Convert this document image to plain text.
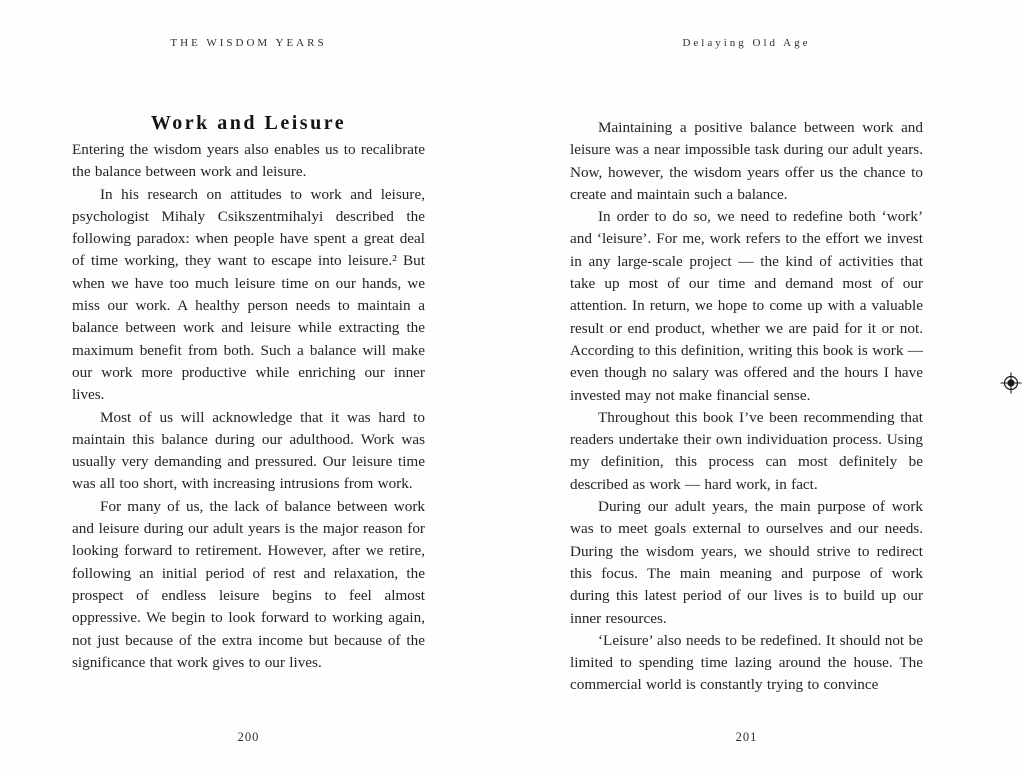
THE WISDOM YEARS
Work and Leisure

Entering the wisdom years also enables us to recalibrate the balance between work and leisure.

In his research on attitudes to work and leisure, psychologist Mihaly Csikszentmihalyi described the following paradox: when people have spent a great deal of time working, they want to escape into leisure.² But when we have too much leisure time on our hands, we miss our work. A healthy person needs to maintain a balance between work and leisure while extracting the maximum benefit from both. Such a balance will make our work more productive while enriching our inner lives.

Most of us will acknowledge that it was hard to maintain this balance during our adulthood. Work was usually very demanding and pressured. Our leisure time was all too short, with increasing intrusions from work.

For many of us, the lack of balance between work and leisure during our adult years is the major reason for looking forward to retirement. However, after we retire, following an initial period of rest and relaxation, the prospect of endless leisure begins to feel almost oppressive. We begin to look forward to working again, not just because of the extra income but because of the significance that work gives to our lives.

200
Delaying Old Age

Maintaining a positive balance between work and leisure was a near impossible task during our adult years. Now, however, the wisdom years offer us the chance to create and maintain such a balance.

In order to do so, we need to redefine both ‘work’ and ‘leisure’. For me, work refers to the effort we invest in any large-scale project — the kind of activities that take up most of our time and demand most of our attention. In return, we hope to come up with a valuable result or end product, whether we are paid for it or not. According to this definition, writing this book is work — even though no salary was offered and the hours I have invested may not make financial sense.

Throughout this book I’ve been recommending that readers undertake their own individuation process. Using my definition, this process can most definitely be described as work — hard work, in fact.

During our adult years, the main purpose of work was to meet goals external to ourselves and our needs. During the wisdom years, we should strive to redirect this focus. The main meaning and purpose of work during this latest period of our lives is to build up our inner resources.

‘Leisure’ also needs to be redefined. It should not be limited to spending time lazing around the house. The commercial world is constantly trying to convince

201
